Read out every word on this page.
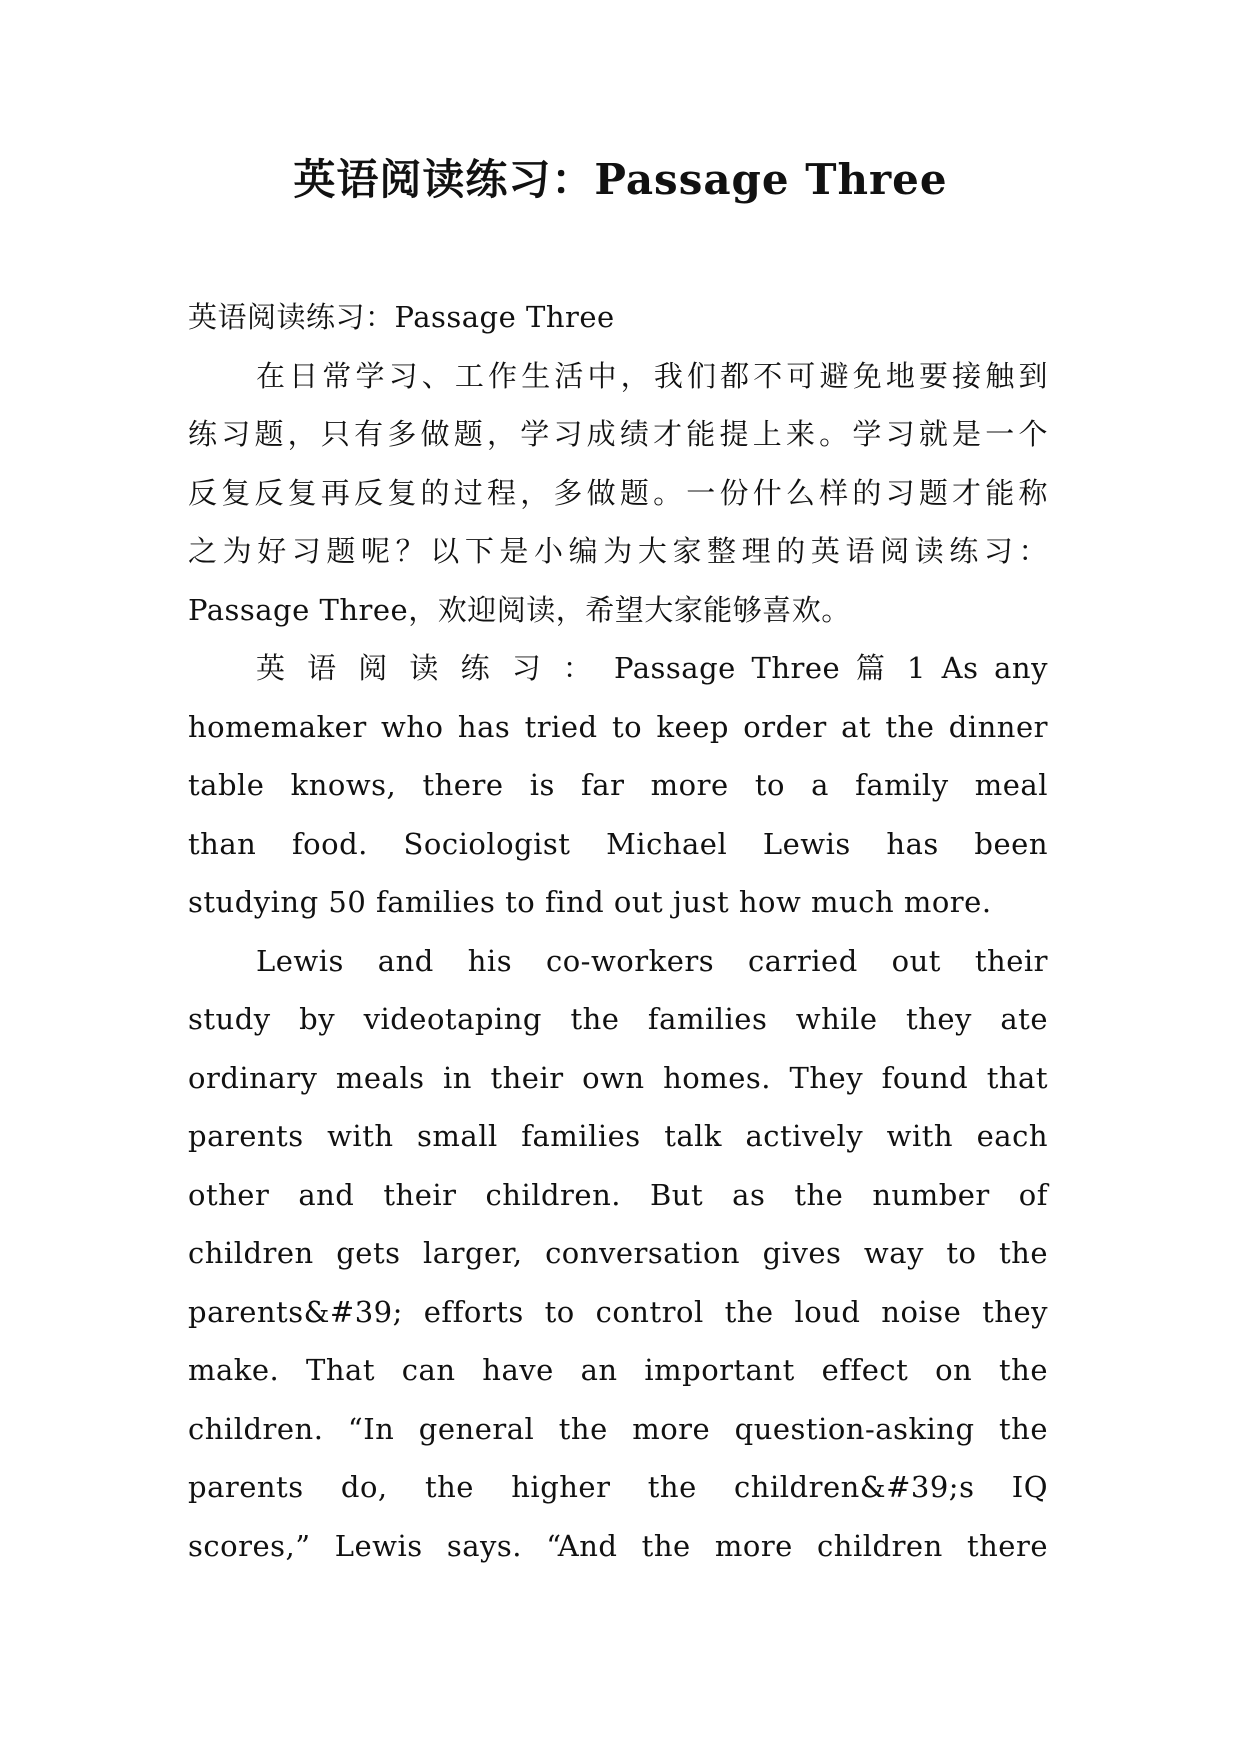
英语阅读练习：Passage Three
英语阅读练习：Passage Three
在日常学习、工作生活中，我们都不可避免地要接触到
练习题，只有多做题，学习成绩才能提上来。学习就是一个
反复反复再反复的过程，多做题。一份什么样的习题才能称
之为好习题呢？以下是小编为大家整理的英语阅读练习：
Passage Three，欢迎阅读，希望大家能够喜欢。
英 语 阅 读 练 习 ： Passage Three 篇 1 As any
homemaker who has tried to keep order at the dinner
table knows, there is far more to a family meal
than food. Sociologist Michael Lewis has been
studying 50 families to find out just how much more.
Lewis and his co-workers carried out their
study by videotaping the families while they ate
ordinary meals in their own homes. They found that
parents with small families talk actively with each
other and their children. But as the number of
children gets larger, conversation gives way to the
parents&#39; efforts to control the loud noise they
make. That can have an important effect on the
children. “In general the more question-asking the
parents do, the higher the children&#39;s IQ
scores,” Lewis says. “And the more children there
